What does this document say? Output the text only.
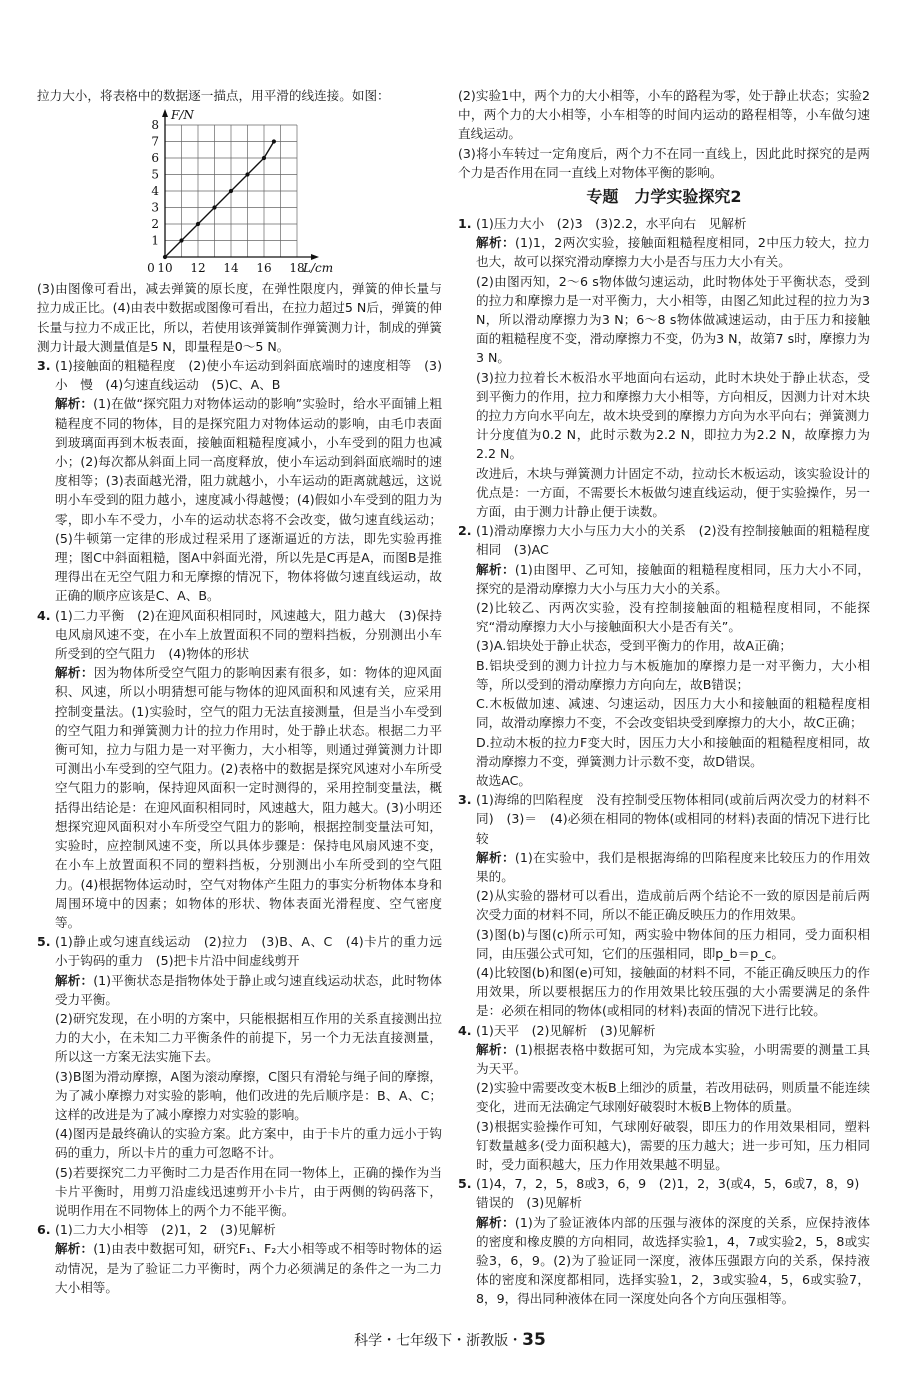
拉力大小，将表格中的数据逐一描点，用平滑的线连接。如图：

1
2
3
4
5
6
7
8
10 12 14 16 18
0
F/N
L/cm

(3)由图像可看出，减去弹簧的原长度，在弹性限度内，弹簧的伸长量与拉力成正比。(4)由表中数据或图像可看出，在拉力超过5 N后，弹簧的伸长量与拉力不成正比，所以，若使用该弹簧制作弹簧测力计，制成的弹簧测力计最大测量值是5 N，即量程是0～5 N。

3. (1)接触面的粗糙程度　(2)使小车运动到斜面底端时的速度相等　(3)小　慢　(4)匀速直线运动　(5)C、A、B

解析：(1)在做“探究阻力对物体运动的影响”实验时，给水平面铺上粗糙程度不同的物体，目的是探究阻力对物体运动的影响，由毛巾表面到玻璃面再到木板表面，接触面粗糙程度减小，小车受到的阻力也减小；(2)每次都从斜面上同一高度释放，使小车运动到斜面底端时的速度相等；(3)表面越光滑，阻力就越小，小车运动的距离就越远，这说明小车受到的阻力越小，速度减小得越慢；(4)假如小车受到的阻力为零，即小车不受力，小车的运动状态将不会改变，做匀速直线运动；(5)牛顿第一定律的形成过程采用了逐渐逼近的方法，即先实验再推理；图C中斜面粗糙，图A中斜面光滑，所以先是C再是A，而图B是推理得出在无空气阻力和无摩擦的情况下，物体将做匀速直线运动，故正确的顺序应该是C、A、B。

4. (1)二力平衡　(2)在迎风面积相同时，风速越大，阻力越大　(3)保持电风扇风速不变，在小车上放置面积不同的塑料挡板，分别测出小车所受到的空气阻力　(4)物体的形状

解析：因为物体所受空气阻力的影响因素有很多，如：物体的迎风面积、风速，所以小明猜想可能与物体的迎风面积和风速有关，应采用控制变量法。(1)实验时，空气的阻力无法直接测量，但是当小车受到的空气阻力和弹簧测力计的拉力作用时，处于静止状态。根据二力平衡可知，拉力与阻力是一对平衡力，大小相等，则通过弹簧测力计即可测出小车受到的空气阻力。(2)表格中的数据是探究风速对小车所受空气阻力的影响，保持迎风面积一定时测得的，采用控制变量法，概括得出结论是：在迎风面积相同时，风速越大，阻力越大。(3)小明还想探究迎风面积对小车所受空气阻力的影响，根据控制变量法可知，实验时，应控制风速不变，所以具体步骤是：保持电风扇风速不变，在小车上放置面积不同的塑料挡板，分别测出小车所受到的空气阻力。(4)根据物体运动时，空气对物体产生阻力的事实分析物体本身和周围环境中的因素；如物体的形状、物体表面光滑程度、空气密度等。

5. (1)静止或匀速直线运动　(2)拉力　(3)B、A、C　(4)卡片的重力远小于钩码的重力　(5)把卡片沿中间虚线剪开

解析：(1)平衡状态是指物体处于静止或匀速直线运动状态，此时物体受力平衡。

(2)研究发现，在小明的方案中，只能根据相互作用的关系直接测出拉力的大小，在未知二力平衡条件的前提下，另一个力无法直接测量，所以这一方案无法实施下去。

(3)B图为滑动摩擦，A图为滚动摩擦，C图只有滑轮与绳子间的摩擦，为了减小摩擦力对实验的影响，他们改进的先后顺序是：B、A、C；这样的改进是为了减小摩擦力对实验的影响。

(4)图丙是最终确认的实验方案。此方案中，由于卡片的重力远小于钩码的重力，所以卡片的重力可忽略不计。

(5)若要探究二力平衡时二力是否作用在同一物体上，正确的操作为当卡片平衡时，用剪刀沿虚线迅速剪开小卡片，由于两侧的钩码落下，说明作用在不同物体上的两个力不能平衡。

6. (1)二力大小相等　(2)1，2　(3)见解析

解析：(1)由表中数据可知，研究F₁、F₂大小相等或不相等时物体的运动情况，是为了验证二力平衡时，两个力必须满足的条件之一为二力大小相等。

(2)实验1中，两个力的大小相等，小车的路程为零，处于静止状态；实验2中，两个力的大小相等，小车相等的时间内运动的路程相等，小车做匀速直线运动。

(3)将小车转过一定角度后，两个力不在同一直线上，因此此时探究的是两个力是否作用在同一直线上对物体平衡的影响。

专题　力学实验探究2
1. (1)压力大小　(2)3　(3)2.2，水平向右　见解析

解析：(1)1，2两次实验，接触面粗糙程度相同，2中压力较大，拉力也大，故可以探究滑动摩擦力大小是否与压力大小有关。

(2)由图丙知，2～6 s物体做匀速运动，此时物体处于平衡状态，受到的拉力和摩擦力是一对平衡力，大小相等，由图乙知此过程的拉力为3 N，所以滑动摩擦力为3 N；6～8 s物体做减速运动，由于压力和接触面的粗糙程度不变，滑动摩擦力不变，仍为3 N，故第7 s时，摩擦力为3 N。

(3)拉力拉着长木板沿水平地面向右运动，此时木块处于静止状态，受到平衡力的作用，拉力和摩擦力大小相等，方向相反，因测力计对木块的拉力方向水平向左，故木块受到的摩擦力方向为水平向右；弹簧测力计分度值为0.2 N，此时示数为2.2 N，即拉力为2.2 N，故摩擦力为2.2 N。

改进后，木块与弹簧测力计固定不动，拉动长木板运动，该实验设计的优点是：一方面，不需要长木板做匀速直线运动，便于实验操作，另一方面，由于测力计静止便于读数。

2. (1)滑动摩擦力大小与压力大小的关系　(2)没有控制接触面的粗糙程度相同　(3)AC

解析：(1)由图甲、乙可知，接触面的粗糙程度相同，压力大小不同，探究的是滑动摩擦力大小与压力大小的关系。

(2)比较乙、丙两次实验，没有控制接触面的粗糙程度相同，不能探究“滑动摩擦力大小与接触面积大小是否有关”。

(3)A.铝块处于静止状态，受到平衡力的作用，故A正确；

B.铝块受到的测力计拉力与木板施加的摩擦力是一对平衡力，大小相等，所以受到的滑动摩擦力方向向左，故B错误；

C.木板做加速、减速、匀速运动，因压力大小和接触面的粗糙程度相同，故滑动摩擦力不变，不会改变铝块受到摩擦力的大小，故C正确；

D.拉动木板的拉力F变大时，因压力大小和接触面的粗糙程度相同，故滑动摩擦力不变，弹簧测力计示数不变，故D错误。

故选AC。

3. (1)海绵的凹陷程度　没有控制受压物体相同(或前后两次受力的材料不同)　(3)＝　(4)必须在相同的物体(或相同的材料)表面的情况下进行比较

解析：(1)在实验中，我们是根据海绵的凹陷程度来比较压力的作用效果的。

(2)从实验的器材可以看出，造成前后两个结论不一致的原因是前后两次受力面的材料不同，所以不能正确反映压力的作用效果。

(3)图(b)与图(c)所示可知，两实验中物体间的压力相同，受力面积相同，由压强公式可知，它们的压强相同，即p_b＝p_c。

(4)比较图(b)和图(e)可知，接触面的材料不同，不能正确反映压力的作用效果，所以要根据压力的作用效果比较压强的大小需要满足的条件是：必须在相同的物体(或相同的材料)表面的情况下进行比较。

4. (1)天平　(2)见解析　(3)见解析

解析：(1)根据表格中数据可知，为完成本实验，小明需要的测量工具为天平。

(2)实验中需要改变木板B上细沙的质量，若改用砝码，则质量不能连续变化，进而无法确定气球刚好破裂时木板B上物体的质量。

(3)根据实验操作可知，气球刚好破裂，即压力的作用效果相同，塑料钉数量越多(受力面积越大)，需要的压力越大；进一步可知，压力相同时，受力面积越大，压力作用效果越不明显。

5. (1)4，7，2，5，8或3，6，9　(2)1，2，3(或4，5，6或7，8，9)　错误的　(3)见解析

解析：(1)为了验证液体内部的压强与液体的深度的关系，应保持液体的密度和橡皮膜的方向相同，故选择实验1，4，7或实验2，5，8或实验3，6，9。(2)为了验证同一深度，液体压强跟方向的关系，保持液体的密度和深度都相同，选择实验1，2，3或实验4，5，6或实验7，8，9，得出同种液体在同一深度处向各个方向压强相等。

科学・七年级下・浙教版・35
